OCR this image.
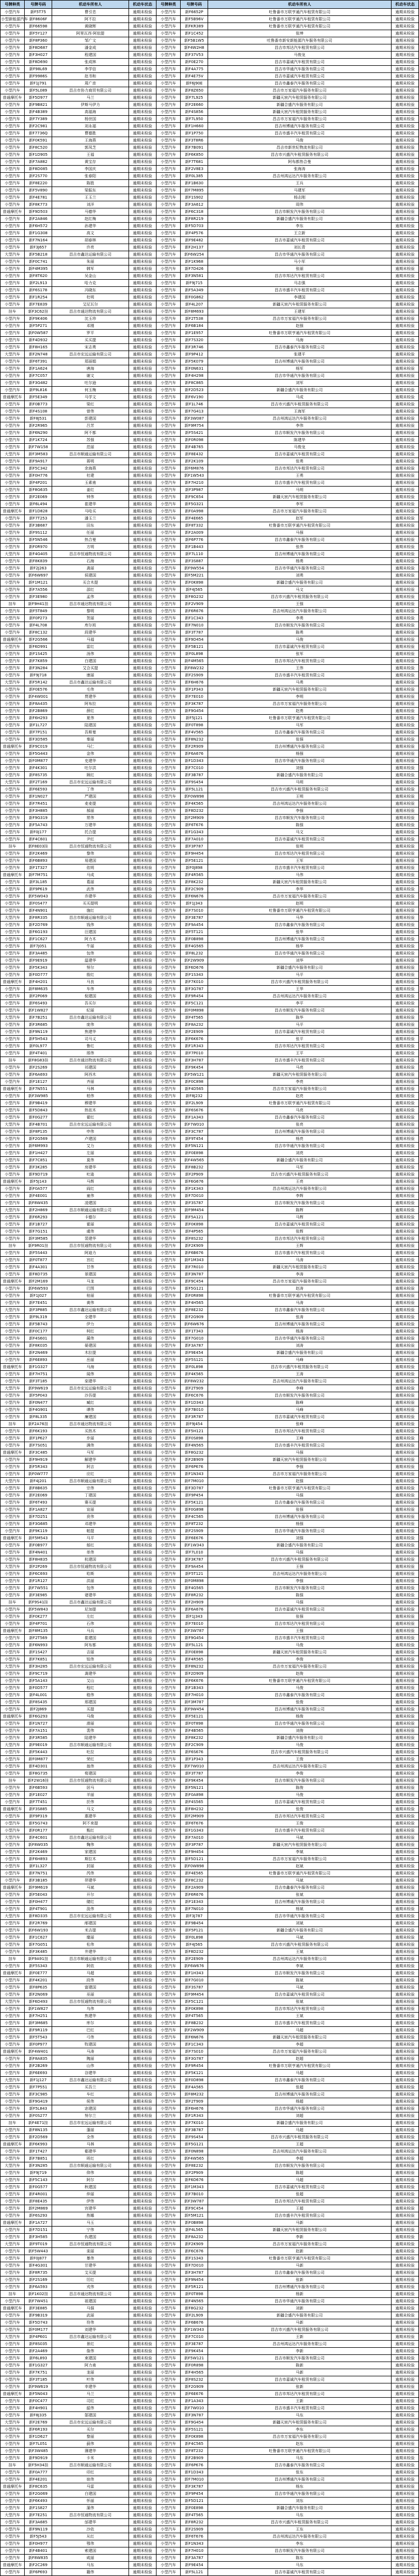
号牌种类	号牌号码	机动车所有人	机动车状态	号牌种类	号牌号码	机动车所有人	机动车状态
小型汽车	新F5T75	曹引忠	逾期未检验	小型汽车	新F6652P	吐鲁番市万联亨通汽车租赁有限公司	逾期未检验
小型新能源汽车	新F8606F	阿不拉	逾期未检验	小型汽车	新F5B96V	吐鲁番市万联亨通汽车租赁有限公司	逾期未检验
小型汽车	新F66598	黄晓辉	逾期未检验	小型汽车	新FKR389	吐鲁番市万联亨通汽车租赁有限公司	逾期未检验
小型汽车	新F5Y127	阿里瓦西·阿依提	逾期未检验	小型汽车	新F1C452	张坤	逾期未检验
小型汽车	新F8P360	邹广文	逾期未检验	小型汽车	新F5B1W5	吐鲁番市新安新能源汽车服务有限公司	逾期未检验
小型汽车	新F8D687	潘金成	逾期未检验	小型汽车	新F4W2H8	昌吉市邦达汽车租赁有限公司	逾期未检验
小型汽车	新F3H027	程建国	逾期未检验	小型汽车	新F37V53	马俊龙	逾期未检验
小型汽车	新F8D690	张成林	逾期未检验	小型汽车	新F0E270	昌吉市嘉诚汽车租赁有限公司	逾期未检验
小型汽车	新F98L69	李学信	逾期未检验	小型汽车	新F4A775	昌吉市华通汽车服务有限公司	逾期未检验
小型汽车	新F9986S	赵书和	逾期未检验	小型汽车	新F4E75V	昌吉市嘉诚汽车租赁有限公司	逾期未检验
小型汽车	新F1J791	周广彦	逾期未检验	小型汽车	新F6J90E	昌吉市鑫泰汽车服务有限公司	逾期未检验
小型汽车	新F5L089	昌吉市协力商贸有限公司	逾期未检验	小型汽车	新F8Z650	昌吉市万家福汽车服务有限公司	逾期未检验
普通摩托车	新F5D977	马兰	逾期未检验	小型汽车	新F7L925	新疆天宸汽车租赁服务有限公司	逾期未检验
小型汽车	新F9B821	伊斯马伊力	逾期未检验	小型汽车	新F2E660	新疆合盛汽车服务有限公司	逾期未检验
小型汽车	新F4B389	高福海	逾期未检验	小型汽车	新F4S856	新疆天宸汽车租赁服务有限公司	逾期未检验
小型汽车	新F7Y389	杨世国	逾期未检验	小型汽车	新F7L950	昌吉市万家福汽车服务有限公司	逾期未检验
小型汽车	新F2C981	刘永福	逾期未检验	小型汽车	新F1H660	昌吉州博通汽车服务有限公司	逾期未检验
小型汽车	新F7736Q	曹德胜	逾期未检验	小型汽车	新F1P750	昌吉市盛丰汽车租赁有限公司	逾期未检验
小型汽车	新F0K591	王海燕	逾期未检验	小型汽车	新F3T8R6	马俊	逾期未检验
小型汽车	新F8C520	郭凤芝	逾期未检验	大型汽车	新F7B091	昌吉市新世纪物流有限公司	逾期未检验
小型汽车	新F1D905	王福	逾期未检验	小型汽车	新F6K850	昌吉市兴盛汽车租赁服务有限公司	逾期未检验
小型汽车	新F7A882	黄宝存	逾期未检验	小型汽车	新F7T681	阿布都热合曼	逾期未检验
小型汽车	新F8D085	李国庆	逾期未检验	小型汽车	新F2V8E3	张海涛	逾期未检验
小型汽车	新F2S770	张春阳	逾期未检验	小型汽车	新F0L385	昌吉州鸿运达汽车服务有限公司	逾期未检验
小型汽车	新F8E220	陈胜	逾期未检验	小型汽车	新F1B630	王兵	逾期未检验
小型汽车	新F5V890	梁振东	逾期未检验	小型汽车	新F7M895	马建军	逾期未检验
小型汽车	新F4E781	王玉兰	逾期未检验	小型汽车	新F1S902	杨志刚	逾期未检验
小型汽车	新F8K773	刘洋	逾期未检验	小型汽车	新F3A612	周伟	逾期未检验
普通摩托车	新F9D503	马德华	逾期未检验	小型汽车	新F6C318	昌吉市顺发汽车服务有限公司	逾期未检验
小型汽车	新F2A846	赵红梅	逾期未检验	小型汽车	新F8R219	新疆合盛汽车服务有限公司	逾期未检验
小型汽车	新F6H572	孙建华	逾期未检验	小型汽车	新F5D703	李东	逾期未检验
小型汽车	新F1G308	高文	逾期未检验	小型汽车	新F4P576	王立新	逾期未检验
小型汽车	新F7N164	胡春林	逾期未检验	小型汽车	新F9E482	昌吉市嘉诚汽车租赁有限公司	逾期未检验
小型汽车	新F3J657	许亮	逾期未检验	小型汽车	新F2H137	刘长青	逾期未检验
大型汽车	新F5B218	昌吉市鑫达运输有限公司	逾期未检验	小型汽车	新F6W254	昌吉市华通汽车服务有限公司	逾期未检验
小型汽车	新F0C741	朱丽	逾期未检验	小型汽车	新F1K968	马小军	逾期未检验
小型汽车	新F4M395	韩军	逾期未检验	小型汽车	新F7D426	张丽	逾期未检验
小型汽车	新F8T620	吴金山	逾期未检验	小型汽车	新F3N581	昌吉市邦达汽车租赁有限公司	逾期未检验
小型汽车	新F2L913	哈力克	逾期未检验	小型汽车	新F9J715	马志强	逾期未检验
小型汽车	新F6S178	冯晓东	逾期未检验	小型汽车	新F5A349	昌吉市盛丰汽车租赁有限公司	逾期未检验
小型汽车	新F1R254	杜明	逾期未检验	小型汽车	新F0G862	李建国	逾期未检验
小型汽车	新F7E839	艾尼瓦尔	逾期未检验	小型汽车	新F4L207	新疆天宸汽车租赁服务有限公司	逾期未检验
挂车	新F3C62挂	昌吉市通达物流有限公司	逾期未检验	小型汽车	新F8M693	王建军	逾期未检验
小型汽车	新F9K406	沈玉珍	逾期未检验	小型汽车	新F2T538	昌吉市万家福汽车服务有限公司	逾期未检验
小型汽车	新F5P271	邓刚	逾期未检验	小型汽车	新F6B184	赵强	逾期未检验
小型汽车	新F0W587	罗平	逾期未检验	小型汽车	新F1E957	吐鲁番市万联亨通汽车租赁有限公司	逾期未检验
小型汽车	新F4D932	买买提	逾期未检验	小型汽车	新F7S320	马海	逾期未检验
小型汽车	新F8H165	宋志勇	逾期未检验	小型汽车	新F3R746	昌吉市鑫泰汽车服务有限公司	逾期未检验
大型汽车	新F2N748	昌吉市宏远运输有限公司	逾期未检验	小型汽车	新F9P412	张建平	逾期未检验
小型汽车	新F6T391	郑丽娟	逾期未检验	小型汽车	新F5K079	昌吉州博通汽车服务有限公司	逾期未检验
小型汽车	新F1A624	唐海	逾期未检验	小型汽车	新F0N631	杨军	逾期未检验
小型汽车	新F7C057	谢文	逾期未检验	小型汽车	新F4H298	昌吉市华通汽车服务有限公司	逾期未检验
小型汽车	新F3G482	吐尔逊	逾期未检验	小型汽车	新F8C865	刘军	逾期未检验
小型汽车	新F9L816	何玉梅	逾期未检验	小型汽车	新F2D523	新疆合盛汽车服务有限公司	逾期未检验
普通摩托车	新F5E349	马学文	逾期未检验	小型汽车	新F6V190	马成	逾期未检验
小型汽车	新F0B773	梁红	逾期未检验	小型汽车	新F1L746	昌吉市兴盛汽车租赁服务有限公司	逾期未检验
小型汽车	新F4S108	曾伟	逾期未检验	小型汽车	新F7G413	王海军	逾期未检验
小型汽车	新F8J531	彭建国	逾期未检验	小型汽车	新F3W087	昌吉州鸿运达汽车服务有限公司	逾期未检验
小型汽车	新F2R965	吕芳	逾期未检验	小型汽车	新F9M754	李伟	逾期未检验
小型汽车	新F6N290	阿不都	逾期未检验	小型汽车	新F5S421	昌吉市顺发汽车服务有限公司	逾期未检验
小型汽车	新F1K724	苏强	逾期未检验	小型汽车	新F0R098	陈建华	逾期未检验
小型汽车	新F7W158	范丽	逾期未检验	小型汽车	新F4B765	马俊龙	逾期未检验
大型汽车	新F3M583	昌吉市顺通运输有限公司	逾期未检验	小型汽车	新F8E432	昌吉市嘉诚汽车租赁有限公司	逾期未检验
小型汽车	新F9A917	蒋明	逾期未检验	小型汽车	新F2K109	张勇	逾期未检验
小型汽车	新F5C342	余海燕	逾期未检验	小型汽车	新F6M876	昌吉市邦达汽车租赁有限公司	逾期未检验
小型汽车	新F0H776	杜建	逾期未检验	小型汽车	新F1W543	王勇	逾期未检验
小型汽车	新F4P201	玉素甫	逾期未检验	小型汽车	新F7H210	昌吉市盛丰汽车租赁有限公司	逾期未检验
小型汽车	新F8G635	姜红	逾期未检验	小型汽车	新F3P987	马明	逾期未检验
小型汽车	新F2E069	钟伟	逾期未检验	小型汽车	新F9C654	新疆天宸汽车租赁服务有限公司	逾期未检验
小型汽车	新F6L494	崔建华	逾期未检验	小型汽车	新F5G321	李军	逾期未检验
普通摩托车	新F1D828	马哈买	逾期未检验	小型汽车	新F0A998	昌吉市万家福汽车服务有限公司	逾期未检验
小型汽车	新F7T253	潘玉兰	逾期未检验	小型汽车	新F4E665	赵军	逾期未检验
小型汽车	新F3B687	田东	逾期未检验	小型汽车	新F8T332	吐鲁番市万联亨通汽车租赁有限公司	逾期未检验
小型汽车	新F9S112	任丽	逾期未检验	小型汽车	新F2A009	马强	逾期未检验
小型汽车	新F5N546	热合曼	逾期未检验	小型汽车	新F6P776	昌吉市鑫泰汽车服务有限公司	逾期未检验
小型汽车	新F0R970	方明	逾期未检验	小型汽车	新F1B443	张伟	逾期未检验
大型汽车	新F4G405	昌吉市恒通物流有限公司	逾期未检验	小型汽车	新F7L110	昌吉州博通汽车服务有限公司	逾期未检验
小型汽车	新F8K839	石海	逾期未检验	小型汽车	新F3S887	杨勇	逾期未检验
小型汽车	新F2J263	龚丽	逾期未检验	小型汽车	新F9W554	昌吉市华通汽车服务有限公司	逾期未检验
小型汽车	新F6W697	侯建国	逾期未检验	小型汽车	新F5M221	刘勇	逾期未检验
小型汽车	新F1M121	买合木提	逾期未检验	小型汽车	新F0K898	新疆合盛汽车服务有限公司	逾期未检验
小型汽车	新F7A556	邵红	逾期未检验	小型汽车	新F4J565	马文	逾期未检验
小型汽车	新F3E980	孟伟	逾期未检验	小型汽车	新F8G232	昌吉市兴盛汽车租赁服务有限公司	逾期未检验
挂车	新F9H41挂	昌吉市通达物流有限公司	逾期未检验	小型汽车	新F2V909	王强	逾期未检验
小型汽车	新F5T849	黎明	逾期未检验	小型汽车	新F6R676	昌吉州鸿运达汽车服务有限公司	逾期未检验
小型汽车	新F0P273	贺丽	逾期未检验	小型汽车	新F1C343	李勇	逾期未检验
小型汽车	新F4L708	库尔班	逾期未检验	小型汽车	新F7N010	昌吉市顺发汽车服务有限公司	逾期未检验
小型汽车	新F8C132	段建华	逾期未检验	小型汽车	新F3T787	陈勇	逾期未检验
普通摩托车	新F2G566	马福	逾期未检验	小型汽车	新F9D454	马俊	逾期未检验
小型汽车	新F6D991	雷红	逾期未检验	小型汽车	新F5B121	昌吉市嘉诚汽车租赁有限公司	逾期未检验
小型汽车	新F1S425	汤伟	逾期未检验	小型汽车	新F0L898	张军	逾期未检验
小型汽车	新F7K859	白建国	逾期未检验	小型汽车	新F4M565	昌吉市邦达汽车租赁有限公司	逾期未检验
小型汽车	新F3N284	艾合买提	逾期未检验	小型汽车	新F8W232	王伟	逾期未检验
小型汽车	新F9J718	康丽	逾期未检验	小型汽车	新F2S909	昌吉市盛丰汽车租赁有限公司	逾期未检验
大型汽车	新F5R142	昌吉市鑫达运输有限公司	逾期未检验	小型汽车	新F6H676	马勇	逾期未检验
小型汽车	新F0E576	毛伟	逾期未检验	小型汽车	新F1P343	新疆天宸汽车租赁服务有限公司	逾期未检验
小型汽车	新F4W001	贾建华	逾期未检验	小型汽车	新F7E010	李明	逾期未检验
小型汽车	新F8A435	阿布拉	逾期未检验	小型汽车	新F3K787	昌吉市万家福汽车服务有限公司	逾期未检验
小型汽车	新F2B869	薛红	逾期未检验	小型汽车	新F9G454	赵勇	逾期未检验
小型汽车	新F6H293	夏伟	逾期未检验	小型汽车	新F5J121	吐鲁番市万联亨通汽车租赁有限公司	逾期未检验
小型汽车	新F1L727	陆建国	逾期未检验	小型汽车	新F0T898	马军	逾期未检验
小型汽车	新F7P151	吾斯曼	逾期未检验	小型汽车	新F4V565	昌吉市鑫泰汽车服务有限公司	逾期未检验
小型汽车	新F3D585	秦丽	逾期未检验	小型汽车	新F8N232	张强	逾期未检验
普通摩托车	新F9C019	马仁	逾期未检验	小型汽车	新F2R909	昌吉州博通汽车服务有限公司	逾期未检验
小型汽车	新F5G443	金伟	逾期未检验	小型汽车	新F6A676	杨强	逾期未检验
小型汽车	新F0M877	史建华	逾期未检验	小型汽车	新F1D343	昌吉市华通汽车服务有限公司	逾期未检验
小型汽车	新F4K301	吐尔洪	逾期未检验	小型汽车	新F7C010	刘强	逾期未检验
小型汽车	新F8S735	顾红	逾期未检验	小型汽车	新F3B787	新疆合盛汽车服务有限公司	逾期未检验
大型汽车	新F2T169	昌吉市宏远运输有限公司	逾期未检验	小型汽车	新F9S454	马明	逾期未检验
小型汽车	新F6E593	丁伟	逾期未检验	小型汽车	新F5L121	昌吉市兴盛汽车租赁服务有限公司	逾期未检验
小型汽车	新F1N027	严建国	逾期未检验	小型汽车	新F0W898	王明	逾期未检验
小型汽车	新F7R451	麦麦提	逾期未检验	小型汽车	新F4K565	昌吉州鸿运达汽车服务有限公司	逾期未检验
小型汽车	新F3H885	郝丽	逾期未检验	小型汽车	新F8D232	李强	逾期未检验
小型汽车	新F9G319	常伟	逾期未检验	小型汽车	新F2M909	昌吉市顺发汽车服务有限公司	逾期未检验
小型汽车	新F5A743	万建华	逾期未检验	小型汽车	新F6T676	陈强	逾期未检验
小型汽车	新F0J177	托合提	逾期未检验	小型汽车	新F1G343	马文	逾期未检验
小型汽车	新F4C601	尹红	逾期未检验	小型汽车	新F7A010	昌吉市嘉诚汽车租赁有限公司	逾期未检验
挂车	新F8E03挂	昌吉市恒通物流有限公司	逾期未检验	小型汽车	新F3P787	张明	逾期未检验
小型汽车	新F2K469	黎伟	逾期未检验	小型汽车	新F9H454	昌吉市邦达汽车租赁有限公司	逾期未检验
小型汽车	新F6B893	易建国	逾期未检验	小型汽车	新F5E121	王军	逾期未检验
小型汽车	新F1T327	依明	逾期未检验	小型汽车	新F0J898	昌吉市盛丰汽车租赁有限公司	逾期未检验
普通摩托车	新F7M751	马成	逾期未检验	小型汽车	新F4R565	马伟	逾期未检验
小型汽车	新F3L185	葛丽	逾期未检验	小型汽车	新F8K232	新疆天宸汽车租赁服务有限公司	逾期未检验
小型汽车	新F9P619	武伟	逾期未检验	小型汽车	新F2C909	李华	逾期未检验
小型汽车	新F5W043	乔建华	逾期未检验	小型汽车	新F6N676	昌吉市万家福汽车服务有限公司	逾期未检验
小型汽车	新F0S477	买买提明	逾期未检验	小型汽车	新F1J343	赵明	逾期未检验
小型汽车	新F4N901	施红	逾期未检验	小型汽车	新F7S010	吐鲁番市万联亨通汽车租赁有限公司	逾期未检验
大型汽车	新F8R335	昌吉市顺通运输有限公司	逾期未检验	小型汽车	新F3E787	马华	逾期未检验
小型汽车	新F2D769	钱伟	逾期未检验	小型汽车	新F9A454	昌吉市鑫泰汽车服务有限公司	逾期未检验
小型汽车	新F6G193	汪建国	逾期未检验	小型汽车	新F5T121	张华	逾期未检验
小型汽车	新F1C627	阿力木	逾期未检验	小型汽车	新F0B898	昌吉州博通汽车服务有限公司	逾期未检验
小型汽车	新F7J051	牛丽	逾期未检验	小型汽车	新F4G565	杨华	逾期未检验
小型汽车	新F3A485	包伟	逾期未检验	小型汽车	新F8L232	昌吉市华通汽车服务有限公司	逾期未检验
小型汽车	新F9E919	温建华	逾期未检验	小型汽车	新F2W909	刘华	逾期未检验
小型汽车	新F5K343	努尔	逾期未检验	小型汽车	新F6D676	新疆合盛汽车服务有限公司	逾期未检验
小型汽车	新F0D777	殷红	逾期未检验	小型汽车	新F1S343	马平	逾期未检验
普通摩托车	新F4H201	马良	逾期未检验	小型汽车	新F7K010	昌吉市兴盛汽车租赁服务有限公司	逾期未检验
小型汽车	新F8M635	车伟	逾期未检验	小型汽车	新F3G787	王华	逾期未检验
小型汽车	新F2P069	倪建国	逾期未检验	小型汽车	新F9R454	昌吉州鸿运达汽车服务有限公司	逾期未检验
小型汽车	新F6S493	吾买尔	逾期未检验	小型汽车	新F5C121	李平	逾期未检验
小型汽车	新F1W827	纪丽	逾期未检验	小型汽车	新F0M898	昌吉市顺发汽车服务有限公司	逾期未检验
大型汽车	新F7B251	昌吉市鑫达运输有限公司	逾期未检验	小型汽车	新F4T565	陈华	逾期未检验
小型汽车	新F3R685	庞伟	逾期未检验	小型汽车	新F8A232	马平	逾期未检验
小型汽车	新F9N119	焦建华	逾期未检验	小型汽车	新F2E909	昌吉市嘉诚汽车租赁有限公司	逾期未检验
小型汽车	新F5H543	司马义	逾期未检验	小型汽车	新F6K676	张平	逾期未检验
小型汽车	新F0L977	鲁红	逾期未检验	小型汽车	新F1R343	昌吉市邦达汽车租赁有限公司	逾期未检验
小型汽车	新F4T401	邢伟	逾期未检验	小型汽车	新F7P010	王平	逾期未检验
挂车	新F8G83挂	昌吉市通达物流有限公司	逾期未检验	小型汽车	新F3H787	昌吉市盛丰汽车租赁有限公司	逾期未检验
小型汽车	新F2S269	祁建国	逾期未检验	小型汽车	新F9K454	马亮	逾期未检验
小型汽车	新F6A693	阿西木	逾期未检验	小型汽车	新F5W121	新疆天宸汽车租赁服务有限公司	逾期未检验
小型汽车	新F1E127	齐丽	逾期未检验	小型汽车	新F0C898	李亮	逾期未检验
普通摩托车	新F7N551	马林	逾期未检验	小型汽车	新F4D565	昌吉市万家福汽车服务有限公司	逾期未检验
小型汽车	新F3W985	柏伟	逾期未检验	小型汽车	新F8J232	赵亮	逾期未检验
小型汽车	新F9B419	穆建华	逾期未检验	小型汽车	新F2L909	吐鲁番市万联亨通汽车租赁有限公司	逾期未检验
小型汽车	新F5D843	热依木	逾期未检验	小型汽车	新F6S676	马亮	逾期未检验
小型汽车	新F0G277	翟红	逾期未检验	小型汽车	新F1A343	昌吉市鑫泰汽车服务有限公司	逾期未检验
大型汽车	新F4B701	昌吉市宏远运输有限公司	逾期未检验	小型汽车	新F7W010	张亮	逾期未检验
小型汽车	新F8P135	申伟	逾期未检验	小型汽车	新F3C787	昌吉州博通汽车服务有限公司	逾期未检验
小型汽车	新F2G569	卢建国	逾期未检验	小型汽车	新F9T454	杨亮	逾期未检验
小型汽车	新F6M993	艾力	逾期未检验	小型汽车	新F5N121	昌吉市华通汽车服务有限公司	逾期未检验
小型汽车	新F1H427	左丽	逾期未检验	小型汽车	新F0E898	刘亮	逾期未检验
小型汽车	新F7C851	莫伟	逾期未检验	小型汽车	新F4W565	新疆合盛汽车服务有限公司	逾期未检验
小型汽车	新F3K285	房建华	逾期未检验	小型汽车	新F8B232	马军	逾期未检验
小型汽车	新F9D719	吐逊	逾期未检验	小型汽车	新F2P909	昌吉市兴盛汽车租赁服务有限公司	逾期未检验
普通摩托车	新F5J143	马辉	逾期未检验	小型汽车	新F6G676	王亮	逾期未检验
小型汽车	新F0A577	阎红	逾期未检验	小型汽车	新F1K343	昌吉州鸿运达汽车服务有限公司	逾期未检验
小型汽车	新F4E001	童伟	逾期未检验	小型汽车	新F7D010	李辉	逾期未检验
小型汽车	新F8W435	凌建国	逾期未检验	小型汽车	新F3S787	昌吉市顺发汽车服务有限公司	逾期未检验
大型汽车	新F2H869	昌吉市顺通运输有限公司	逾期未检验	小型汽车	新F9M454	陈辉	逾期未检验
小型汽车	新F6R293	卡德尔	逾期未检验	小型汽车	新F5A121	马辉	逾期未检验
小型汽车	新F1B727	霍丽	逾期未检验	小型汽车	新F0K898	昌吉市嘉诚汽车租赁有限公司	逾期未检验
小型汽车	新F7G151	虞伟	逾期未检验	小型汽车	新F4P565	张辉	逾期未检验
小型汽车	新F3M585	裴建华	逾期未检验	小型汽车	新F8S232	昌吉市邦达汽车租赁有限公司	逾期未检验
挂车	新F9R01挂	昌吉市恒通物流有限公司	逾期未检验	小型汽车	新F2K909	王辉	逾期未检验
小型汽车	新F5S443	阿迪力	逾期未检验	小型汽车	新F6B676	昌吉市盛丰汽车租赁有限公司	逾期未检验
小型汽车	新F0T877	宫红	逾期未检验	小型汽车	新F1M343	马涛	逾期未检验
小型汽车	新F4A301	甘伟	逾期未检验	小型汽车	新F7R010	新疆天宸汽车租赁服务有限公司	逾期未检验
小型汽车	新F8D735	景建国	逾期未检验	小型汽车	新F3N787	李涛	逾期未检验
普通摩托车	新F2M169	马龙	逾期未检验	小型汽车	新F9C454	昌吉市万家福汽车服务有限公司	逾期未检验
小型汽车	新F6W593	巴图	逾期未检验	小型汽车	新F5G121	赵涛	逾期未检验
小型汽车	新F1J027	桂丽	逾期未检验	小型汽车	新F0R898	吐鲁番市万联亨通汽车租赁有限公司	逾期未检验
小型汽车	新F7E451	黄伟	逾期未检验	小型汽车	新F4H565	马涛	逾期未检验
大型汽车	新F3P885	昌吉市鑫达运输有限公司	逾期未检验	小型汽车	新F8E232	昌吉市鑫泰汽车服务有限公司	逾期未检验
小型汽车	新F9L319	全建华	逾期未检验	小型汽车	新F2G909	张涛	逾期未检验
小型汽车	新F5B743	伊力	逾期未检验	小型汽车	新F6W676	昌吉州博通汽车服务有限公司	逾期未检验
小型汽车	新F0C177	柯红	逾期未检验	小型汽车	新F1T343	杨涛	逾期未检验
小型汽车	新F4S601	蔺伟	逾期未检验	小型汽车	新F7G010	昌吉市华通汽车服务有限公司	逾期未检验
小型汽车	新F8K035	晏建国	逾期未检验	小型汽车	新F3A787	刘涛	逾期未检验
小型汽车	新F2N469	木拉提	逾期未检验	小型汽车	新F9E454	新疆合盛汽车服务有限公司	逾期未检验
小型汽车	新F6E893	岳丽	逾期未检验	小型汽车	新F5S121	马峰	逾期未检验
普通摩托车	新F1G327	马海	逾期未检验	小型汽车	新F0L898	昌吉市兴盛汽车租赁服务有限公司	逾期未检验
小型汽车	新F7H751	闻伟	逾期未检验	小型汽车	新F4K565	王涛	逾期未检验
小型汽车	新F3T185	栾建华	逾期未检验	小型汽车	新F8W232	昌吉州鸿运达汽车服务有限公司	逾期未检验
大型汽车	新F9W619	昌吉市宏远运输有限公司	逾期未检验	小型汽车	新F2T909	李峰	逾期未检验
小型汽车	新F5P043	沙吾提	逾期未检验	小型汽车	新F6C676	昌吉市顺发汽车服务有限公司	逾期未检验
小型汽车	新F0N477	臧红	逾期未检验	小型汽车	新F1D343	陈峰	逾期未检验
小型汽车	新F4G901	谭伟	逾期未检验	小型汽车	新F7B010	马峰	逾期未检验
小型汽车	新F8L335	廉建国	逾期未检验	小型汽车	新F3R787	昌吉市嘉诚汽车租赁有限公司	逾期未检验
挂车	新F2A76挂	昌吉市通达物流有限公司	逾期未检验	小型汽车	新F9J454	张峰	逾期未检验
小型汽车	新F6K193	买热木	逾期未检验	小型汽车	新F5H121	昌吉市邦达汽车租赁有限公司	逾期未检验
小型汽车	新F1P627	步丽	逾期未检验	小型汽车	新F0S898	王峰	逾期未检验
小型汽车	新F7S051	满伟	逾期未检验	小型汽车	新F4N565	昌吉市盛丰汽车租赁有限公司	逾期未检验
普通摩托车	新F3C485	马军	逾期未检验	小型汽车	新F8G232	马强	逾期未检验
小型汽车	新F9H919	解建华	逾期未检验	小型汽车	新F2B909	新疆天宸汽车租赁服务有限公司	逾期未检验
小型汽车	新F5R343	阿吉	逾期未检验	小型汽车	新F6P676	李强	逾期未检验
小型汽车	新F0W777	应红	逾期未检验	小型汽车	新F1N343	昌吉市万家福汽车服务有限公司	逾期未检验
大型汽车	新F4J201	昌吉市顺通运输有限公司	逾期未检验	小型汽车	新F7M010	赵强	逾期未检验
小型汽车	新F8B635	宗伟	逾期未检验	小型汽车	新F3D787	吐鲁番市万联亨通汽车租赁有限公司	逾期未检验
小型汽车	新F2E069	丁建国	逾期未检验	小型汽车	新F9P454	马强	逾期未检验
小型汽车	新F6T493	赛买提	逾期未检验	小型汽车	新F5K121	昌吉市鑫泰汽车服务有限公司	逾期未检验
小型汽车	新F1A827	宣丽	逾期未检验	小型汽车	新F0G898	张强	逾期未检验
小型汽车	新F7D251	贲伟	逾期未检验	小型汽车	新F4C565	昌吉州博通汽车服务有限公司	逾期未检验
小型汽车	新F3G685	邓建华	逾期未检验	小型汽车	新F8T232	杨强	逾期未检验
小型汽车	新F9K119	帕提	逾期未检验	小型汽车	新F2S909	昌吉市华通汽车服务有限公司	逾期未检验
普通摩托车	新F5M543	马平	逾期未检验	小型汽车	新F6E676	刘强	逾期未检验
小型汽车	新F0B977	郁红	逾期未检验	小型汽车	新F1W343	新疆合盛汽车服务有限公司	逾期未检验
小型汽车	新F4N401	单伟	逾期未检验	小型汽车	新F7L010	马强	逾期未检验
小型汽车	新F8H835	杭建国	逾期未检验	小型汽车	新F3K787	昌吉市兴盛汽车租赁服务有限公司	逾期未检验
大型汽车	新F2P269	昌吉市恒通物流有限公司	逾期未检验	小型汽车	新F9A454	王强	逾期未检验
小型汽车	新F6C693	哈斯	逾期未检验	小型汽车	新F5T121	昌吉州鸿运达汽车服务有限公司	逾期未检验
小型汽车	新F1R127	洪丽	逾期未检验	小型汽车	新F0M898	李强	逾期未检验
小型汽车	新F7W551	包伟	逾期未检验	小型汽车	新F4G565	昌吉市顺发汽车服务有限公司	逾期未检验
小型汽车	新F3E985	诸建华	逾期未检验	小型汽车	新F8R232	陈强	逾期未检验
挂车	新F9S41挂	昌吉市鑫达运输有限公司	逾期未检验	小型汽车	新F2H909	马强	逾期未检验
小型汽车	新F5W843	尼加提	逾期未检验	小型汽车	新F6A676	昌吉市嘉诚汽车租赁有限公司	逾期未检验
小型汽车	新F0K277	左红	逾期未检验	小型汽车	新F1J343	张强	逾期未检验
小型汽车	新F4P701	石伟	逾期未检验	小型汽车	新F7E010	昌吉市邦达汽车租赁有限公司	逾期未检验
普通摩托车	新F8M135	马兵	逾期未检验	小型汽车	新F3W787	王强	逾期未检验
小型汽车	新F2T569	崔建国	逾期未检验	小型汽车	新F9G454	昌吉市盛丰汽车租赁有限公司	逾期未检验
小型汽车	新F6N993	阿布都	逾期未检验	小型汽车	新F5L121	马俊	逾期未检验
小型汽车	新F1S427	吉丽	逾期未检验	小型汽车	新F0E898	新疆天宸汽车租赁服务有限公司	逾期未检验
小型汽车	新F7K851	钮伟	逾期未检验	小型汽车	新F4R565	李俊	逾期未检验
大型汽车	新F3H285	昌吉市宏远运输有限公司	逾期未检验	小型汽车	新F8N232	昌吉市万家福汽车服务有限公司	逾期未检验
小型汽车	新F9C719	龚建华	逾期未检验	小型汽车	新F2D909	赵俊	逾期未检验
小型汽车	新F5A143	艾山	逾期未检验	小型汽车	新F6K676	吐鲁番市万联亨通汽车租赁有限公司	逾期未检验
小型汽车	新F0D577	程红	逾期未检验	小型汽车	新F1B343	马俊	逾期未检验
小型汽车	新F4L001	嵇伟	逾期未检验	小型汽车	新F7H010	昌吉市鑫泰汽车服务有限公司	逾期未检验
小型汽车	新F8S435	邢建国	逾期未检验	小型汽车	新F3M787	张俊	逾期未检验
小型汽车	新F2J869	买提	逾期未检验	小型汽车	新F9W454	昌吉州博通汽车服务有限公司	逾期未检验
普通摩托车	新F6G293	马俊	逾期未检验	小型汽车	新F5E121	杨俊	逾期未检验
小型汽车	新F1N727	滑丽	逾期未检验	小型汽车	新F0T898	昌吉市华通汽车服务有限公司	逾期未检验
小型汽车	新F7A151	裴伟	逾期未检验	小型汽车	新F4B565	刘俊	逾期未检验
小型汽车	新F3R585	陆建华	逾期未检验	小型汽车	新F8K232	新疆合盛汽车服务有限公司	逾期未检验
大型汽车	新F9E019	昌吉市顺通运输有限公司	逾期未检验	小型汽车	新F2C909	马俊	逾期未检验
小型汽车	新F5K443	吐拉	逾期未检验	小型汽车	新F6S676	昌吉市兴盛汽车租赁服务有限公司	逾期未检验
小型汽车	新F0M877	荣红	逾期未检验	小型汽车	新F1P343	王俊	逾期未检验
小型汽车	新F4D301	翁伟	逾期未检验	小型汽车	新F7W010	昌吉州鸿运达汽车服务有限公司	逾期未检验
小型汽车	新F8G735	荀建国	逾期未检验	小型汽车	新F3T787	李俊	逾期未检验
挂车	新F2W16挂	昌吉市恒通物流有限公司	逾期未检验	小型汽车	新F9K454	昌吉市顺发汽车服务有限公司	逾期未检验
小型汽车	新F6B593	居马	逾期未检验	小型汽车	新F5N121	陈俊	逾期未检验
小型汽车	新F1E027	羊丽	逾期未检验	小型汽车	新F0A898	马俊	逾期未检验
小型汽车	新F7T451	於伟	逾期未检验	小型汽车	新F4S565	昌吉市嘉诚汽车租赁有限公司	逾期未检验
普通摩托车	新F3S885	马文	逾期未检验	小型汽车	新F8H232	张俊	逾期未检验
小型汽车	新F9P319	惠建华	逾期未检验	小型汽车	新F2M909	昌吉市邦达汽车租赁有限公司	逾期未检验
小型汽车	新F5G743	阿不来提	逾期未检验	小型汽车	新F6T676	王俊	逾期未检验
小型汽车	新F0R177	甄红	逾期未检验	小型汽车	新F1G343	昌吉市盛丰汽车租赁有限公司	逾期未检验
大型汽车	新F4C601	昌吉市鑫达运输有限公司	逾期未检验	小型汽车	新F7A010	马斌	逾期未检验
小型汽车	新F8W035	麴伟	逾期未检验	小型汽车	新F3P787	新疆天宸汽车租赁服务有限公司	逾期未检验
小型汽车	新F2K469	家建国	逾期未检验	小型汽车	新F9H454	李斌	逾期未检验
小型汽车	新F6H893	斯拉木	逾期未检验	小型汽车	新F5D121	昌吉市万家福汽车服务有限公司	逾期未检验
小型汽车	新F1L327	封丽	逾期未检验	小型汽车	新F0W898	赵斌	逾期未检验
小型汽车	新F7N751	芮伟	逾期未检验	小型汽车	新F4E565	吐鲁番市万联亨通汽车租赁有限公司	逾期未检验
小型汽车	新F3B185	羿建华	逾期未检验	小型汽车	新F8C232	马斌	逾期未检验
普通摩托车	新F9M619	马斌	逾期未检验	小型汽车	新F2A909	昌吉市鑫泰汽车服务有限公司	逾期未检验
小型汽车	新F5E043	开尔	逾期未检验	小型汽车	新F6R676	张斌	逾期未检验
小型汽车	新F0H477	储红	逾期未检验	小型汽车	新F1E343	昌吉州博通汽车服务有限公司	逾期未检验
小型汽车	新F4T901	汲伟	逾期未检验	小型汽车	新F7N010	杨斌	逾期未检验
大型汽车	新F8D335	昌吉市宏远运输有限公司	逾期未检验	小型汽车	新F3J787	昌吉市华通汽车服务有限公司	逾期未检验
小型汽车	新F2R769	邴建国	逾期未检验	小型汽车	新F9B454	刘斌	逾期未检验
小型汽车	新F6W193	米吉提	逾期未检验	小型汽车	新F5P121	新疆合盛汽车服务有限公司	逾期未检验
小型汽车	新F1C627	糜丽	逾期未检验	小型汽车	新F0L898	马斌	逾期未检验
小型汽车	新F7G051	松伟	逾期未检验	小型汽车	新F4J565	昌吉市兴盛汽车租赁服务有限公司	逾期未检验
小型汽车	新F3K485	井建华	逾期未检验	小型汽车	新F8D232	王斌	逾期未检验
挂车	新F9A91挂	昌吉市顺通运输有限公司	逾期未检验	小型汽车	新F2E909	昌吉州鸿运达汽车服务有限公司	逾期未检验
小型汽车	新F5S343	阿依	逾期未检验	小型汽车	新F6W676	李斌	逾期未检验
普通摩托车	新F0E777	马超	逾期未检验	小型汽车	新F1H343	昌吉市顺发汽车服务有限公司	逾期未检验
小型汽车	新F4K201	段伟	逾期未检验	小型汽车	新F7G010	陈斌	逾期未检验
小型汽车	新F8P635	富建国	逾期未检验	小型汽车	新F3S787	马斌	逾期未检验
小型汽车	新F2N069	巫丽	逾期未检验	小型汽车	新F9M454	昌吉市嘉诚汽车租赁有限公司	逾期未检验
大型汽车	新F6D493	昌吉市恒通物流有限公司	逾期未检验	小型汽车	新F5C121	张斌	逾期未检验
小型汽车	新F1W827	乌伟	逾期未检验	小型汽车	新F0K898	昌吉市邦达汽车租赁有限公司	逾期未检验
小型汽车	新F7H251	焦建华	逾期未检验	小型汽车	新F4T565	王斌	逾期未检验
小型汽车	新F3M685	库尔	逾期未检验	小型汽车	新F8B232	昌吉市盛丰汽车租赁有限公司	逾期未检验
小型汽车	新F9R119	巴红	逾期未检验	小型汽车	新F2W909	马超	逾期未检验
小型汽车	新F5T543	弓伟	逾期未检验	小型汽车	新F6N676	新疆天宸汽车租赁服务有限公司	逾期未检验
小型汽车	新F0P977	牧建国	逾期未检验	小型汽车	新F1C343	李超	逾期未检验
普通摩托车	新F4W401	马涛	逾期未检验	小型汽车	新F7S010	昌吉市万家福汽车服务有限公司	逾期未检验
小型汽车	新F8A835	隗丽	逾期未检验	小型汽车	新F3G787	赵超	逾期未检验
小型汽车	新F2B269	山伟	逾期未检验	小型汽车	新F9R454	吐鲁番市万联亨通汽车租赁有限公司	逾期未检验
小型汽车	新F6E693	谷建华	逾期未检验	小型汽车	新F5K121	马超	逾期未检验
大型汽车	新F1J127	昌吉市鑫达运输有限公司	逾期未检验	小型汽车	新F0D898	昌吉市鑫泰汽车服务有限公司	逾期未检验
小型汽车	新F7P551	买吾兰	逾期未检验	小型汽车	新F4A565	张超	逾期未检验
小型汽车	新F3C985	车红	逾期未检验	小型汽车	新F8M232	昌吉州博通汽车服务有限公司	逾期未检验
小型汽车	新F9G419	侯伟	逾期未检验	小型汽车	新F2T909	杨超	逾期未检验
小型汽车	新F5L843	宓建国	逾期未检验	小型汽车	新F6H676	昌吉市华通汽车服务有限公司	逾期未检验
小型汽车	新F0S277	努尔兰	逾期未检验	小型汽车	新F1R343	刘超	逾期未检验
挂车	新F4E71挂	昌吉市宏远运输有限公司	逾期未检验	小型汽车	新F7K010	新疆合盛汽车服务有限公司	逾期未检验
小型汽车	新F8N135	蓬丽	逾期未检验	小型汽车	新F3B787	马超	逾期未检验
小型汽车	新F2D569	全伟	逾期未检验	小型汽车	新F9S454	昌吉市兴盛汽车租赁服务有限公司	逾期未检验
普通摩托车	新F6K993	马林	逾期未检验	小型汽车	新F5G121	王超	逾期未检验
小型汽车	新F1T427	郗建华	逾期未检验	小型汽车	新F0N898	昌吉州鸿运达汽车服务有限公司	逾期未检验
小型汽车	新F7B851	班红	逾期未检验	小型汽车	新F4W565	李超	逾期未检验
大型汽车	新F3N285	昌吉市顺通运输有限公司	逾期未检验	小型汽车	新F8E232	昌吉市顺发汽车服务有限公司	逾期未检验
小型汽车	新F9J719	仰伟	逾期未检验	小型汽车	新F2P909	陈超	逾期未检验
小型汽车	新F5C143	阿尔	逾期未检验	小型汽车	新F6D676	马超	逾期未检验
小型汽车	新F0G577	秋建国	逾期未检验	小型汽车	新F1M343	昌吉市嘉诚汽车租赁有限公司	逾期未检验
小型汽车	新F4R001	仲丽	逾期未检验	小型汽车	新F7B010	张超	逾期未检验
小型汽车	新F8E435	伊伟	逾期未检验	小型汽车	新F3W787	昌吉市邦达汽车租赁有限公司	逾期未检验
小型汽车	新F2M869	宫建华	逾期未检验	小型汽车	新F9C454	王超	逾期未检验
小型汽车	新F6S293	热娜	逾期未检验	小型汽车	新F5M121	昌吉市盛丰汽车租赁有限公司	逾期未检验
普通摩托车	新F1A727	马玉	逾期未检验	小型汽车	新F0B898	马新	逾期未检验
小型汽车	新F7D151	宁伟	逾期未检验	小型汽车	新F4L565	新疆天宸汽车租赁服务有限公司	逾期未检验
小型汽车	新F3H585	仇建国	逾期未检验	小型汽车	新F8A232	李新	逾期未检验
大型汽车	新F9T019	昌吉市恒通物流有限公司	逾期未检验	小型汽车	新F2K909	昌吉市万家福汽车服务有限公司	逾期未检验
小型汽车	新F5W443	栾丽	逾期未检验	小型汽车	新F6C676	赵新	逾期未检验
小型汽车	新F0J877	暴伟	逾期未检验	小型汽车	新F1S343	吐鲁番市万联亨通汽车租赁有限公司	逾期未检验
小型汽车	新F4G301	甘建华	逾期未检验	小型汽车	新F7D010	马新	逾期未检验
小型汽车	新F8R735	艾买提	逾期未检验	小型汽车	新F3H787	昌吉市鑫泰汽车服务有限公司	逾期未检验
小型汽车	新F2S169	厉红	逾期未检验	小型汽车	新F9N454	张新	逾期未检验
小型汽车	新F6A593	戎伟	逾期未检验	小型汽车	新F5R121	昌吉州博通汽车服务有限公司	逾期未检验
挂车	新F1K02挂	昌吉市通达物流有限公司	逾期未检验	小型汽车	新F0T898	杨新	逾期未检验
小型汽车	新F7W451	祖建国	逾期未检验	小型汽车	新F4N565	昌吉市华通汽车服务有限公司	逾期未检验
普通摩托车	新F3E885	马强	逾期未检验	小型汽车	新F8G232	刘新	逾期未检验
小型汽车	新F9B319	武丽	逾期未检验	小型汽车	新F2L909	新疆合盛汽车服务有限公司	逾期未检验
小型汽车	新F5D743	符伟	逾期未检验	小型汽车	新F6B676	马新	逾期未检验
小型汽车	新F0M177	刘建华	逾期未检验	小型汽车	新F1W343	昌吉市兴盛汽车租赁服务有限公司	逾期未检验
大型汽车	新F4P601	昌吉市鑫达运输有限公司	逾期未检验	小型汽车	新F7C010	王新	逾期未检验
小型汽车	新F8S035	景红	逾期未检验	小型汽车	新F3E787	昌吉州鸿运达汽车服务有限公司	逾期未检验
小型汽车	新F2A469	詹伟	逾期未检验	小型汽车	新F9K454	李新	逾期未检验
小型汽车	新F6L893	束建国	逾期未检验	小型汽车	新F5W121	昌吉市顺发汽车服务有限公司	逾期未检验
小型汽车	新F1G327	阿力甫	逾期未检验	小型汽车	新F0R898	陈新	逾期未检验
小型汽车	新F7K751	龙丽	逾期未检验	小型汽车	新F4H565	马新	逾期未检验
小型汽车	新F3T185	叶伟	逾期未检验	小型汽车	新F8S232	昌吉市嘉诚汽车租赁有限公司	逾期未检验
小型汽车	新F9W619	幸建华	逾期未检验	小型汽车	新F2G909	张新	逾期未检验
普通摩托车	新F5N043	马兰	逾期未检验	小型汽车	新F6E676	昌吉市邦达汽车租赁有限公司	逾期未检验
小型汽车	新F0C477	司红	逾期未检验	小型汽车	新F1A343	王新	逾期未检验
小型汽车	新F4H901	韶伟	逾期未检验	小型汽车	新F7W010	昌吉市盛丰汽车租赁有限公司	逾期未检验
小型汽车	新F8J335	郜建国	逾期未检验	小型汽车	新F3N787	马东	逾期未检验
大型汽车	新F2E769	昌吉市宏远运输有限公司	逾期未检验	小型汽车	新F9G454	新疆天宸汽车租赁服务有限公司	逾期未检验
小型汽车	新F6R193	买尔	逾期未检验	小型汽车	新F5S121	李东	逾期未检验
小型汽车	新F1D627	黎丽	逾期未检验	小型汽车	新F0K898	昌吉市万家福汽车服务有限公司	逾期未检验
小型汽车	新F7L051	蓟伟	逾期未检验	小型汽车	新F4C565	赵东	逾期未检验
小型汽车	新F3W485	薄建华	逾期未检验	小型汽车	新F8T232	吐鲁番市万联亨通汽车租赁有限公司	逾期未检验
小型汽车	新F9D919	卡米	逾期未检验	小型汽车	新F2B909	马东	逾期未检验
挂车	新F5H34挂	昌吉市顺通运输有限公司	逾期未检验	小型汽车	新F6P676	昌吉市鑫泰汽车服务有限公司	逾期未检验
小型汽车	新F0A777	印红	逾期未检验	小型汽车	新F1D343	张东	逾期未检验
小型汽车	新F4E201	宿伟	逾期未检验	小型汽车	新F7M010	昌吉州博通汽车服务有限公司	逾期未检验
普通摩托车	新F8C635	马雷	逾期未检验	小型汽车	新F3K787	杨东	逾期未检验
小型汽车	新F2G069	白建国	逾期未检验	小型汽车	新F9P454	昌吉市华通汽车服务有限公司	逾期未检验
小型汽车	新F6K493	怀丽	逾期未检验	小型汽车	新F5D121	刘东	逾期未检验
小型汽车	新F1S827	蒲伟	逾期未检验	小型汽车	新F0E898	新疆合盛汽车服务有限公司	逾期未检验
大型汽车	新F7E251	昌吉市恒通物流有限公司	逾期未检验	小型汽车	新F4T565	马东	逾期未检验
小型汽车	新F3A685	邰建华	逾期未检验	小型汽车	新F8R232	昌吉市兴盛汽车租赁服务有限公司	逾期未检验
小型汽车	新F9N119	沙依	逾期未检验	小型汽车	新F2S909	王东	逾期未检验
小型汽车	新F5J543	从红	逾期未检验	小型汽车	新F6T676	昌吉州鸿运达汽车服务有限公司	逾期未检验
小型汽车	新F0H977	鄂伟	逾期未检验	小型汽车	新F1N343	李东	逾期未检验
小型汽车	新F4B401	索建国	逾期未检验	小型汽车	新F7H010	昌吉市顺发汽车服务有限公司	逾期未检验
小型汽车	新F8W835	咸丽	逾期未检验	小型汽车	新F3A787	陈东	逾期未检验
普通摩托车	新F2C269	马东	逾期未检验	小型汽车	新F9E454	马东	逾期未检验
小型汽车	新F6P693	籍伟	逾期未检验	小型汽车	新F5L121	昌吉市嘉诚汽车租赁有限公司	逾期未检验
